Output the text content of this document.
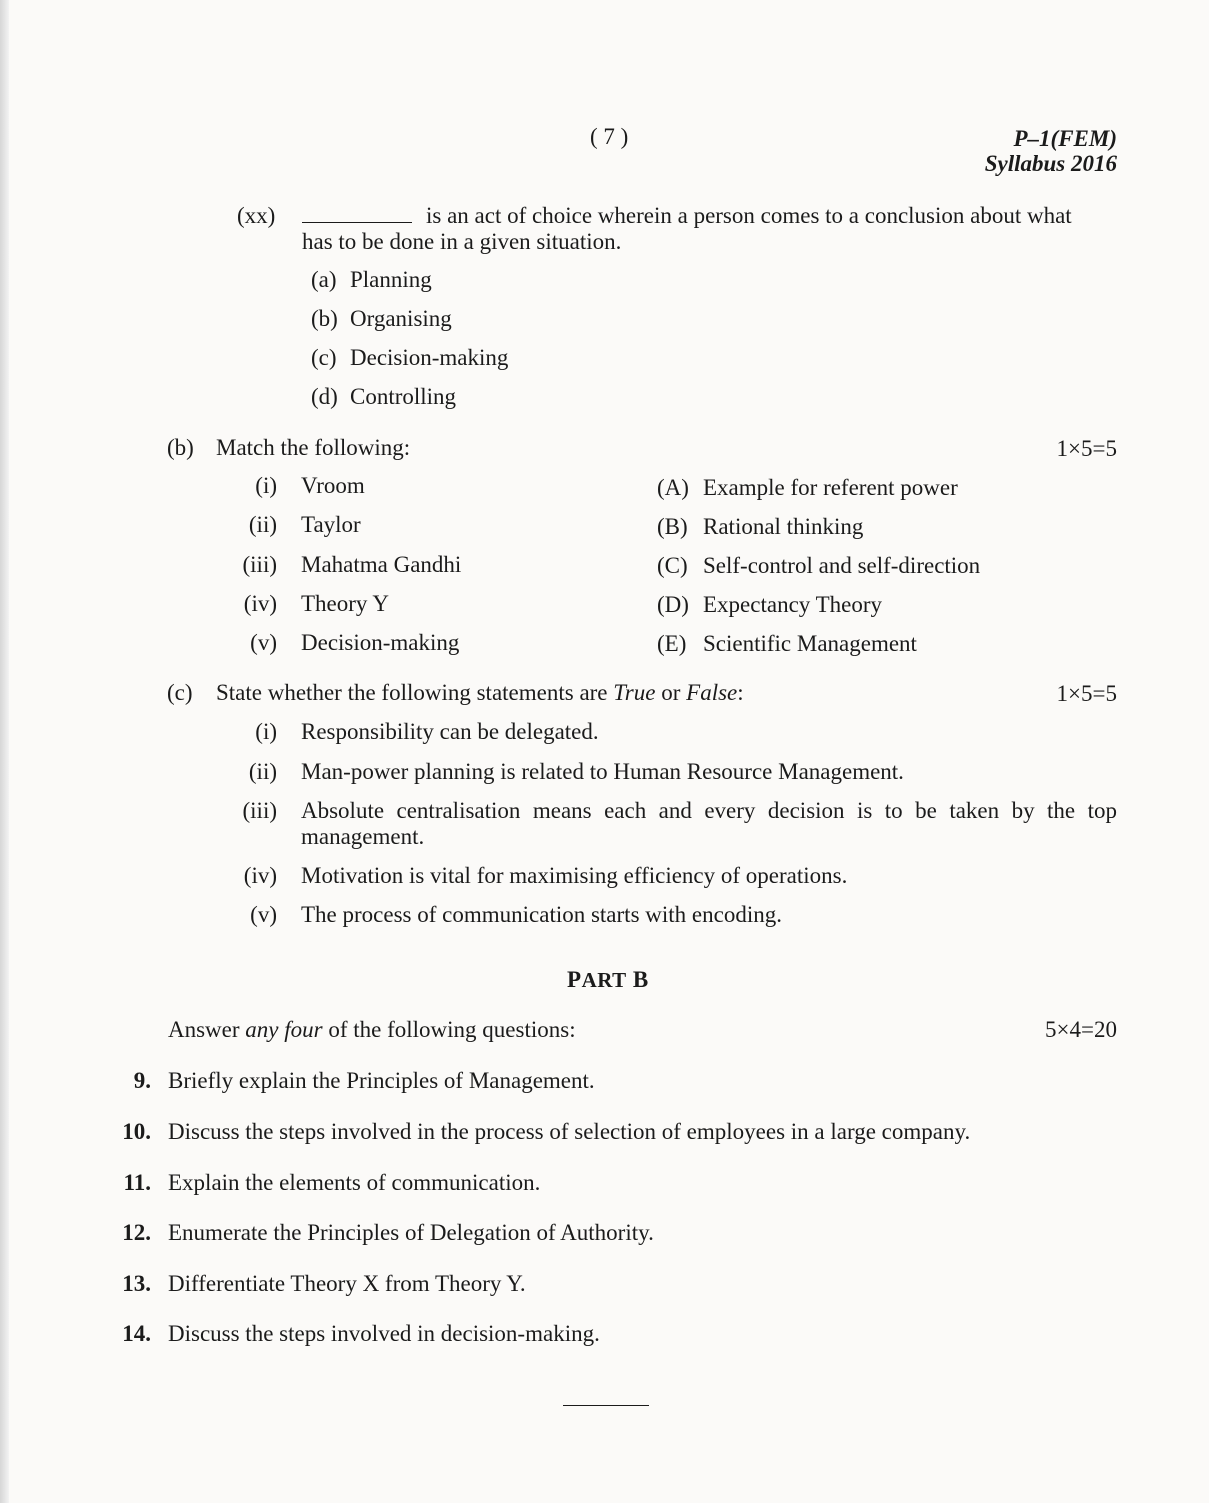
( 7 )	P–1(FEM)
Syllabus 2016
(xx)	is an act of choice wherein a person comes to a conclusion about what
has to be done in a given situation.
(a) Planning
(b) Organising
(c) Decision-making
(d) Controlling
(b) Match the following:	1×5=5
(i) Vroom	(A) Example for referent power
(ii) Taylor	(B) Rational thinking
(iii) Mahatma Gandhi	(C) Self-control and self-direction
(iv) Theory Y	(D) Expectancy Theory
(v) Decision-making	(E) Scientific Management
(c) State whether the following statements are True or False:	1×5=5
(i) Responsibility can be delegated.
(ii) Man-power planning is related to Human Resource Management.
(iii) Absolute centralisation means each and every decision is to be taken by the top
management.
(iv) Motivation is vital for maximising efficiency of operations.
(v) The process of communication starts with encoding.
PART B
Answer any four of the following questions:	5×4=20
9. Briefly explain the Principles of Management.
10. Discuss the steps involved in the process of selection of employees in a large company.
11. Explain the elements of communication.
12. Enumerate the Principles of Delegation of Authority.
13. Differentiate Theory X from Theory Y.
14. Discuss the steps involved in decision-making.
